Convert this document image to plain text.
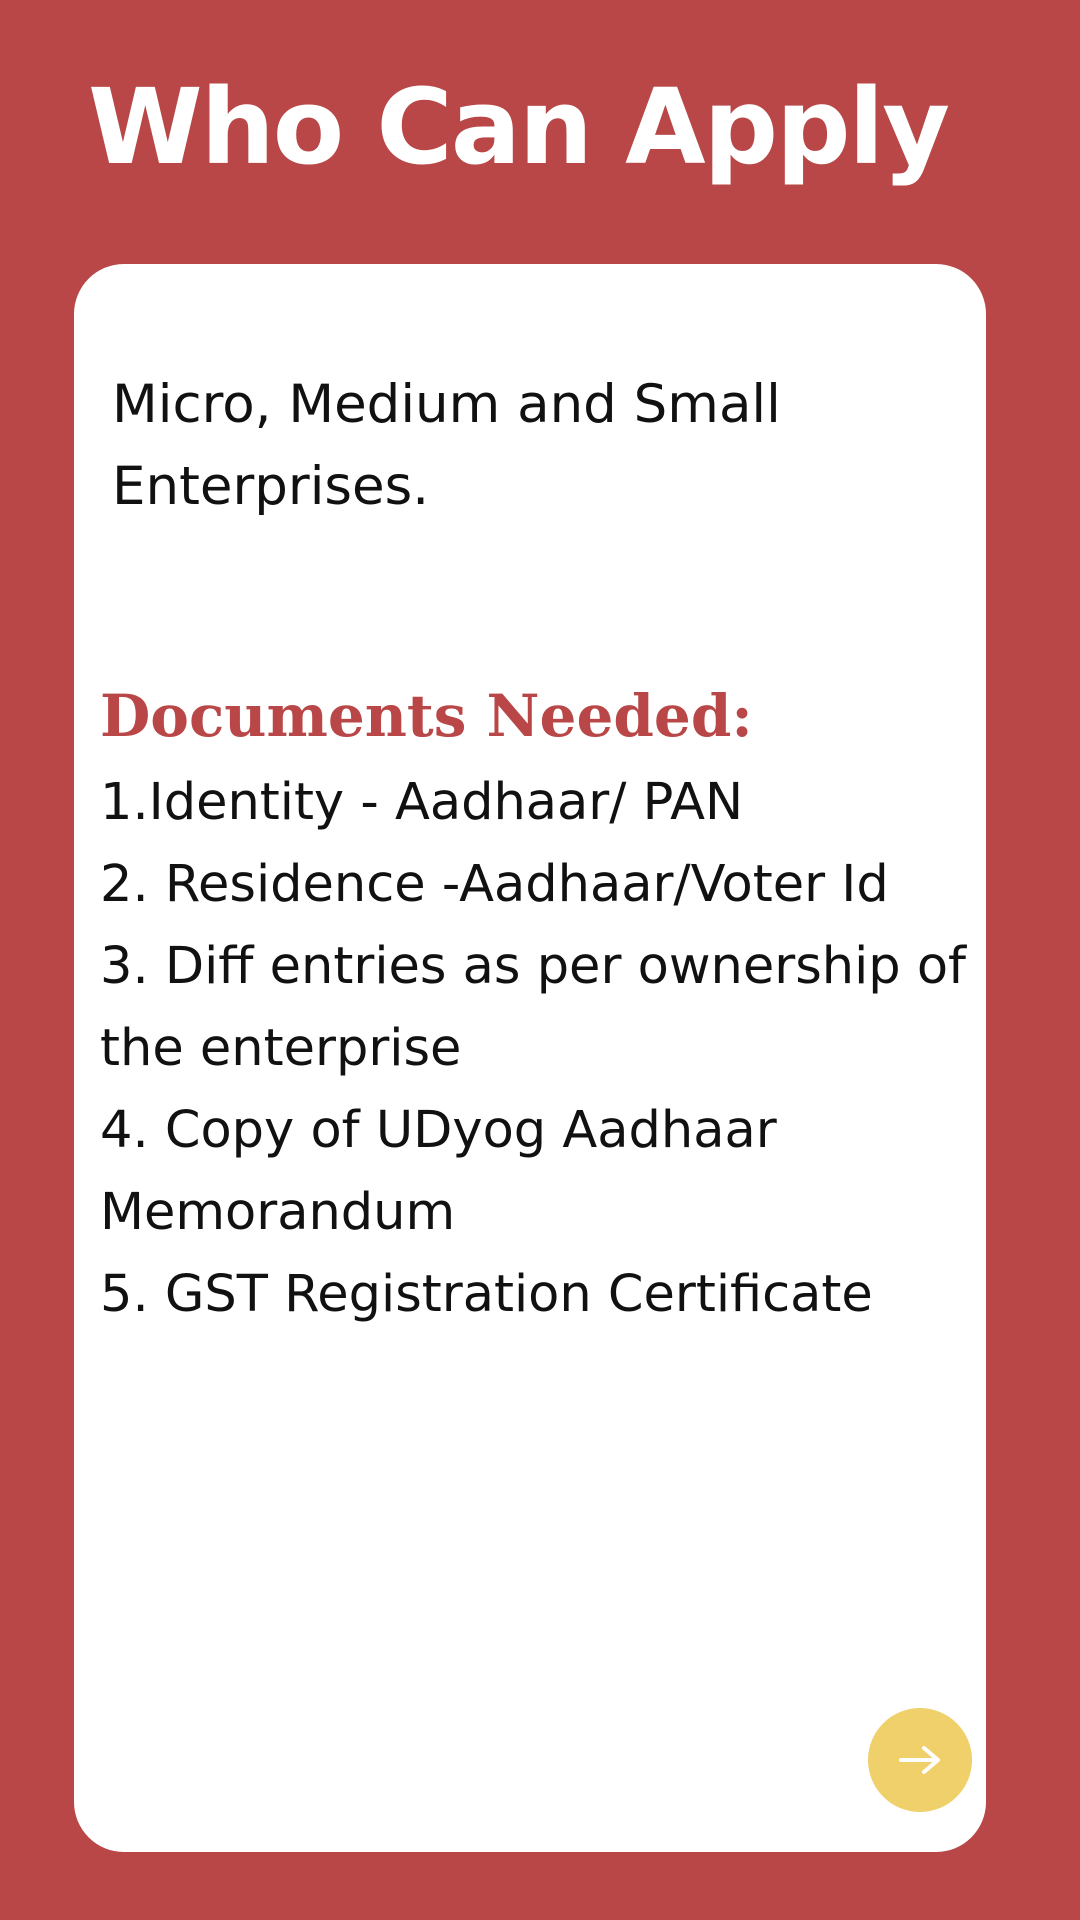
Who Can Apply

Micro, Medium and Small Enterprises.

Documents Needed:
1.Identity - Aadhaar/ PAN
2. Residence -Aadhaar/Voter Id
3. Diff entries as per ownership of the enterprise
4. Copy of UDyog Aadhaar Memorandum
5. GST Registration Certificate
